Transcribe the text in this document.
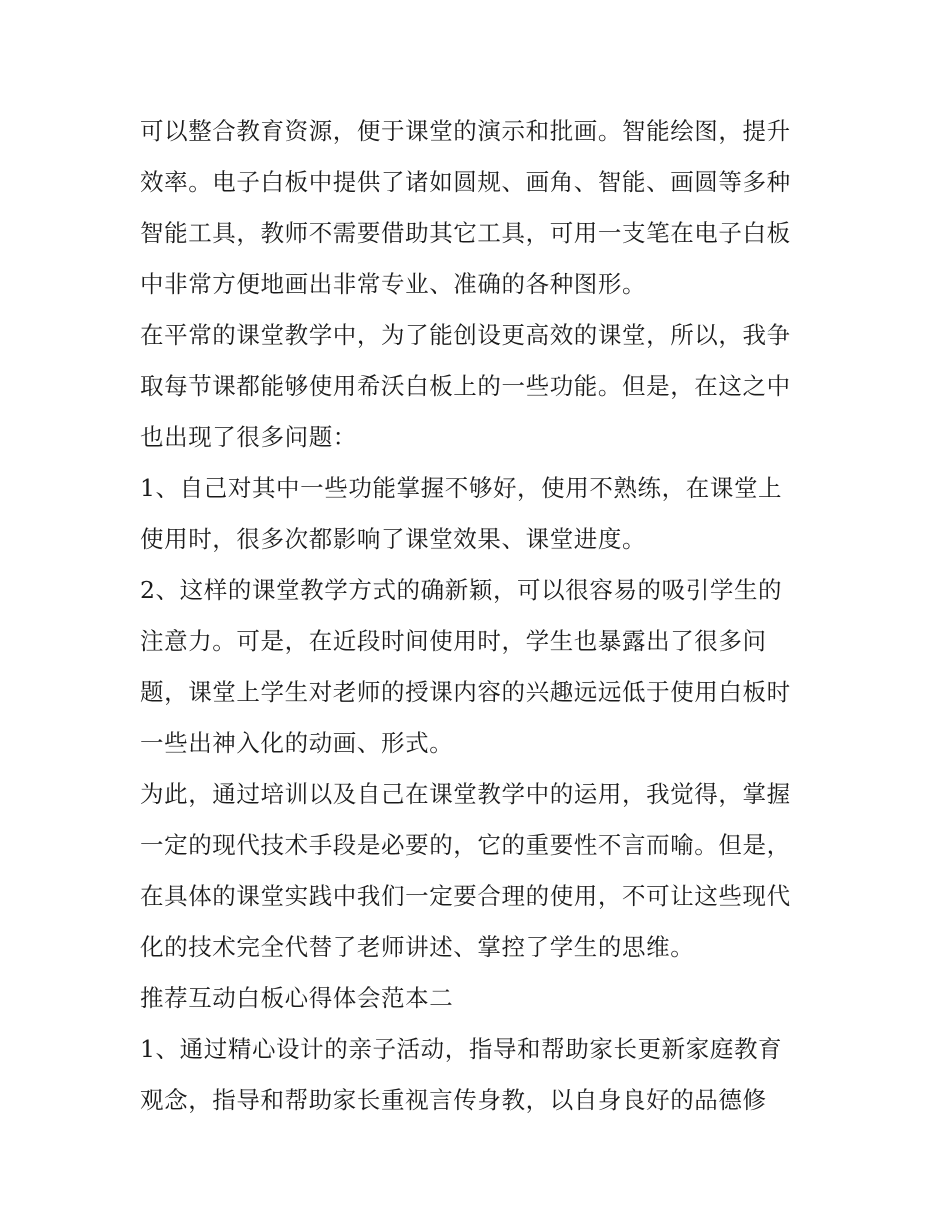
可以整合教育资源，便于课堂的演示和批画。智能绘图，提升
效率。电子白板中提供了诸如圆规、画角、智能、画圆等多种
智能工具，教师不需要借助其它工具，可用一支笔在电子白板
中非常方便地画出非常专业、准确的各种图形。
在平常的课堂教学中，为了能创设更高效的课堂，所以，我争
取每节课都能够使用希沃白板上的一些功能。但是，在这之中
也出现了很多问题：
1、自己对其中一些功能掌握不够好，使用不熟练，在课堂上
使用时，很多次都影响了课堂效果、课堂进度。
2、这样的课堂教学方式的确新颖，可以很容易的吸引学生的
注意力。可是，在近段时间使用时，学生也暴露出了很多问
题，课堂上学生对老师的授课内容的兴趣远远低于使用白板时
一些出神入化的动画、形式。
为此，通过培训以及自己在课堂教学中的运用，我觉得，掌握
一定的现代技术手段是必要的，它的重要性不言而喻。但是，
在具体的课堂实践中我们一定要合理的使用，不可让这些现代
化的技术完全代替了老师讲述、掌控了学生的思维。
推荐互动白板心得体会范本二
1、通过精心设计的亲子活动，指导和帮助家长更新家庭教育
观念，指导和帮助家长重视言传身教，以自身良好的品德修
